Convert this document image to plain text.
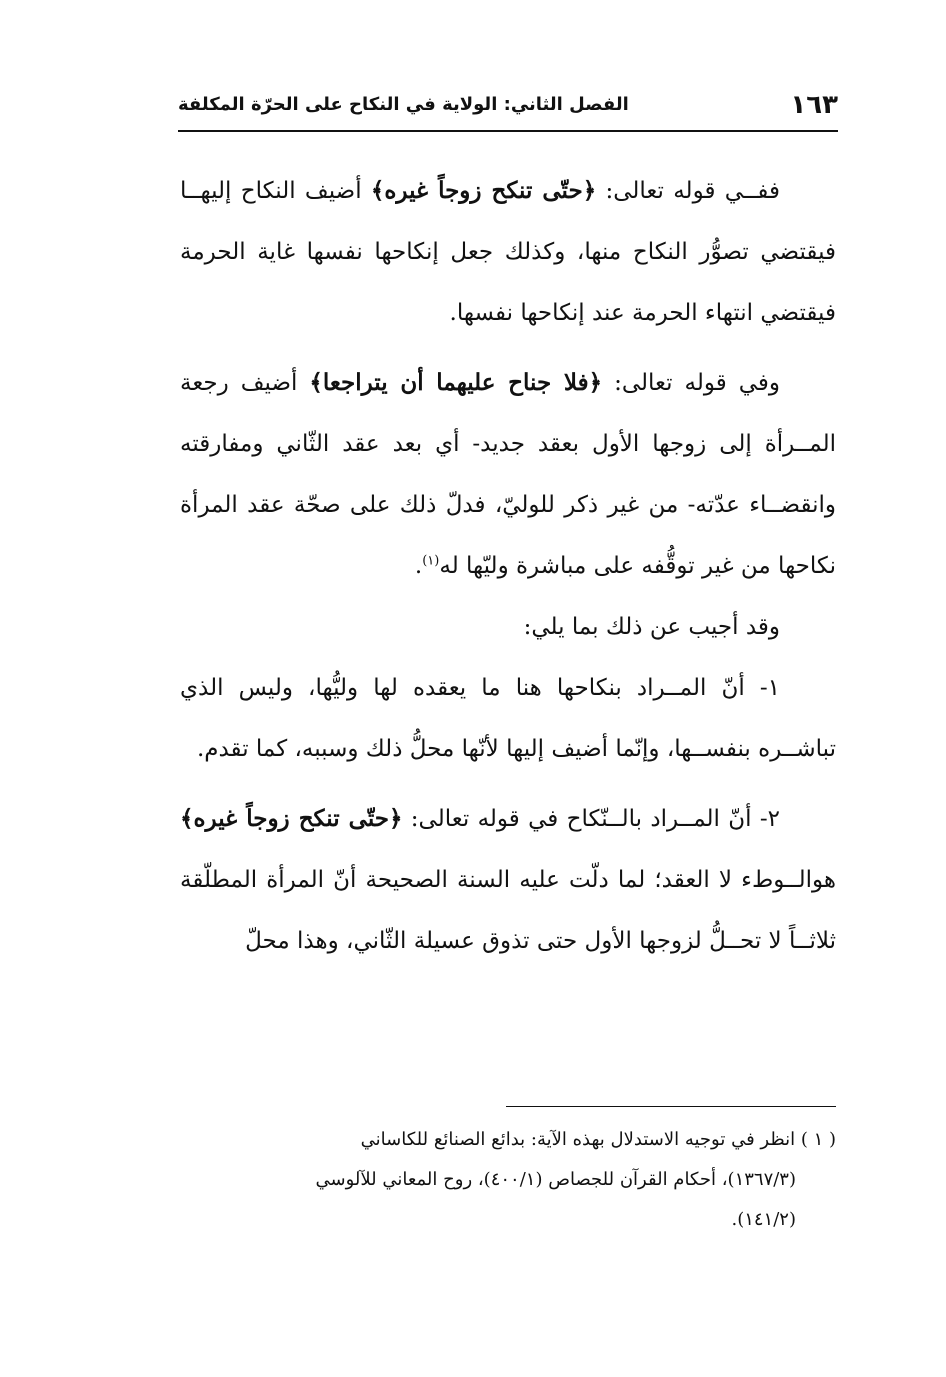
١٦٣
الفصل الثاني: الولاية في النكاح على الحرّة المكلفة

ففــي قوله تعالى: ﴿حتّى تنكح زوجاً غيره﴾ أضيف النكاح إليهــا فيقتضي تصوُّر النكاح منها، وكذلك جعل إنكاحها نفسها غاية الحرمة فيقتضي انتهاء الحرمة عند إنكاحها نفسها.

وفي قوله تعالى: ﴿فلا جناح عليهما أن يتراجعا﴾ أضيف رجعة المــرأة إلى زوجها الأول بعقد جديد- أي بعد عقد الثّاني ومفارقته وانقضــاء عدّته- من غير ذكر للوليّ، فدلّ ذلك على صحّة عقد المرأة نكاحها من غير توقُّفه على مباشرة وليّها له$^{(١)}$.

وقد أجيب عن ذلك بما يلي:

١- أنّ المــراد بنكاحها هنا ما يعقده لها وليُّها، وليس الذي تباشــره بنفســها، وإنّما أضيف إليها لأنّها محلُّ ذلك وسببه، كما تقدم.

٢- أنّ المــراد بالــنّكاح في قوله تعالى: ﴿حتّى تنكح زوجاً غيره﴾ هوالــوطء لا العقد؛ لما دلّت عليه السنة الصحيحة أنّ المرأة المطلّقة ثلاثــاً لا تحــلُّ لزوجها الأول حتى تذوق عسيلة الثّاني، وهذا محلّ

( ١ ) انظر في توجيه الاستدلال بهذه الآية: بدائع الصنائع للكاساني

(١٣٦٧/٣)، أحكام القرآن للجصاص (٤٠٠/١)، روح المعاني للآلوسي

(١٤١/٢).
